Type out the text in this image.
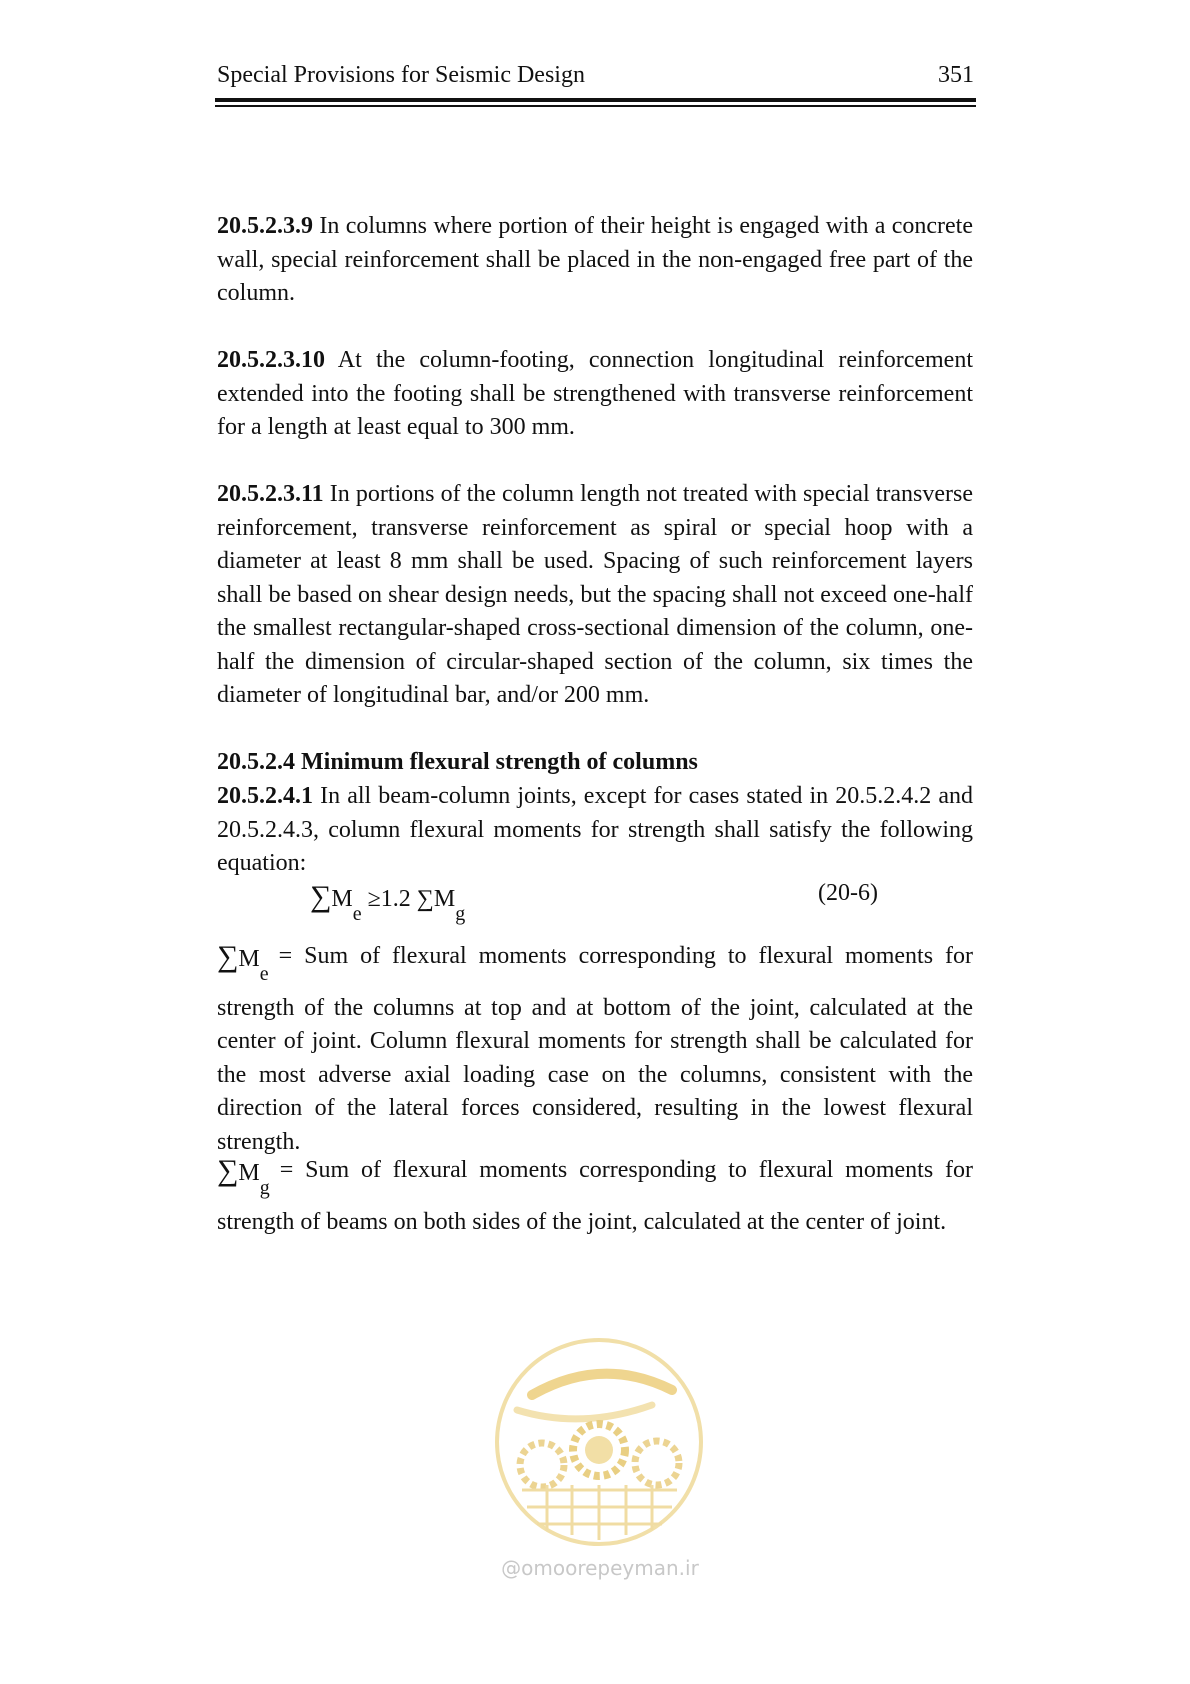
Special Provisions for Seismic Design	351

20.5.2.3.9 In columns where portion of their height is engaged with a concrete wall, special reinforcement shall be placed in the non-engaged free part of the column.

20.5.2.3.10 At the column-footing, connection longitudinal reinforcement extended into the footing shall be strengthened with transverse reinforcement for a length at least equal to 300 mm.

20.5.2.3.11 In portions of the column length not treated with special transverse reinforcement, transverse reinforcement as spiral or special hoop with a diameter at least 8 mm shall be used. Spacing of such reinforcement layers shall be based on shear design needs, but the spacing shall not exceed one-half the smallest rectangular-shaped cross-sectional dimension of the column, one-half the dimension of circular-shaped section of the column, six times the diameter of longitudinal bar, and/or 200 mm.

20.5.2.4 Minimum flexural strength of columns

20.5.2.4.1 In all beam-column joints, except for cases stated in 20.5.2.4.2 and 20.5.2.4.3, column flexural moments for strength shall satisfy the following equation:

$\sum M_e \ge 1.2$ $\sum M_g$
(20-6)
$\sum M_e$
= Sum of flexural moments corresponding to flexural moments for
strength of the columns at top and at bottom of the joint, calculated at the center of joint. Column flexural moments for strength shall be calculated for the most adverse axial loading case on the columns, consistent with the direction of the lateral forces considered, resulting in the lowest flexural strength.
$\sum M_g$
= Sum of flexural moments corresponding to flexural moments for
strength of beams on both sides of the joint, calculated at the center of joint.
@omoorepeyman.ir
